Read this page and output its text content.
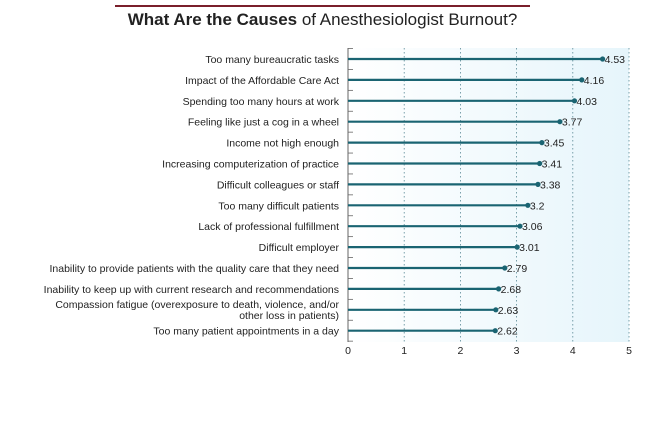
What Are the Causes of Anesthesiologist Burnout?
0	1	2	3	4	5
4.53
Too many bureaucratic tasks
4.16
Impact of the Affordable Care Act
4.03
Spending too many hours at work
3.77
Feeling like just a cog in a wheel
3.45
Income not high enough
3.41
Increasing computerization of practice
3.38
Difficult colleagues or staff
3.2
Too many difficult patients
3.06
Lack of professional fulfillment
3.01
Difficult employer
2.79
Inability to provide patients with the quality care that they need
2.68
Inability to keep up with current research and recommendations
2.63
Compassion fatigue (overexposure to death, violence, and/or other loss in patients)
2.62
Too many patient appointments in a day
